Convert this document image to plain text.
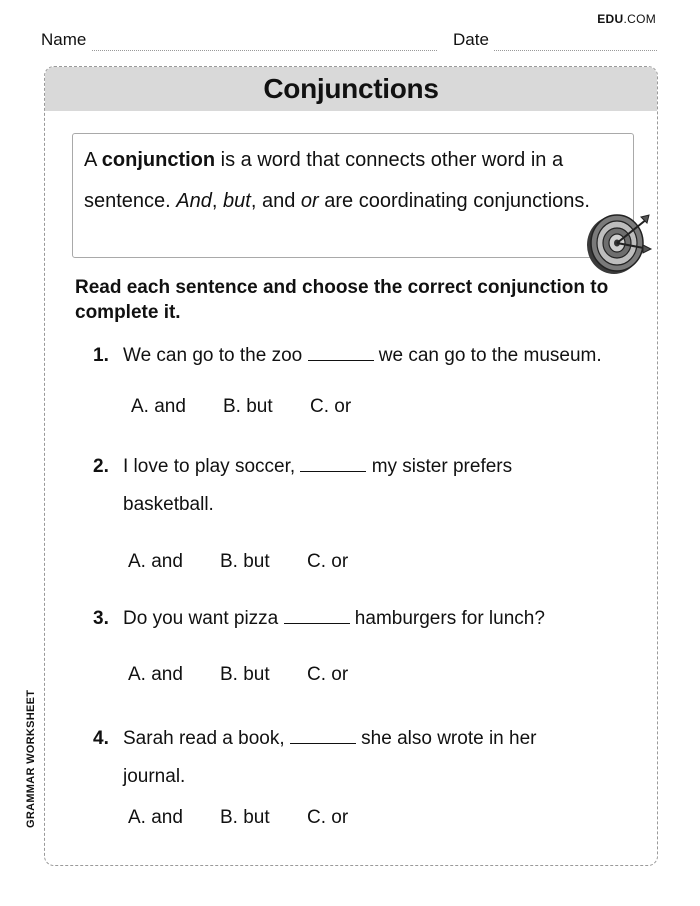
EDU.COM
Name	Date
Conjunctions
A conjunction is a word that connects other word in a sentence. And, but, and or are coordinating conjunctions.
Read each sentence and choose the correct conjunction to complete it.
1. We can go to the zoo	we can go to the museum.
A. and B. but C. or
2. I love to play soccer,	my sister prefers
basketball.
A. and B. but C. or
3. Do you want pizza	hamburgers for lunch?
A. and B. but C. or
4. Sarah read a book,	she also wrote in her
journal.
A. and B. but C. or
GRAMMAR WORKSHEET
